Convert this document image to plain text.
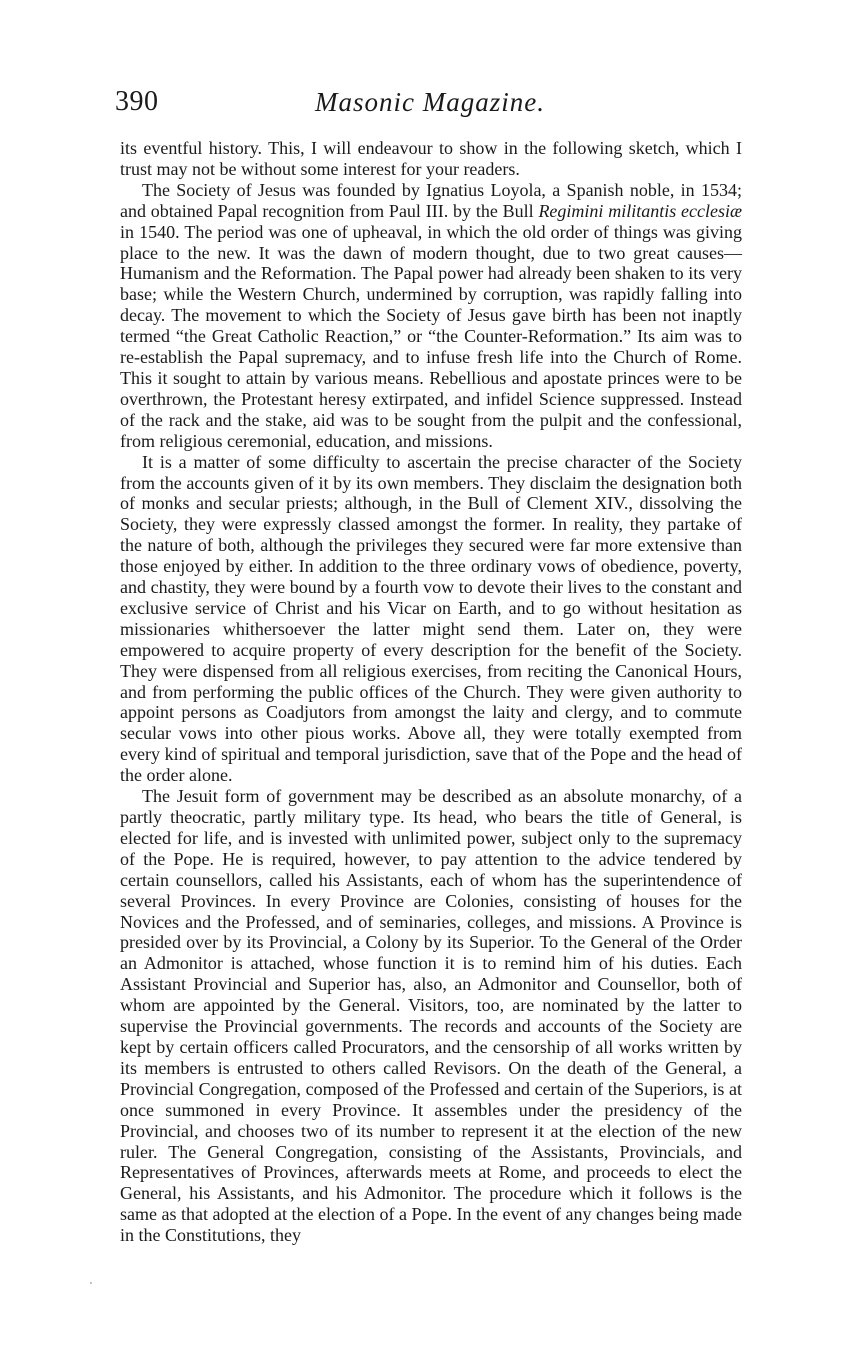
390	Masonic Magazine.

its eventful history. This, I will endeavour to show in the following sketch, which I trust may not be without some interest for your readers.

The Society of Jesus was founded by Ignatius Loyola, a Spanish noble, in 1534; and obtained Papal recognition from Paul III. by the Bull Regimini militantis ecclesiæ in 1540. The period was one of upheaval, in which the old order of things was giving place to the new. It was the dawn of modern thought, due to two great causes—Humanism and the Reformation. The Papal power had already been shaken to its very base; while the Western Church, undermined by corruption, was rapidly falling into decay. The movement to which the Society of Jesus gave birth has been not inaptly termed “the Great Catholic Reaction,” or “the Counter-Reformation.” Its aim was to re-establish the Papal supremacy, and to infuse fresh life into the Church of Rome. This it sought to attain by various means. Rebellious and apostate princes were to be overthrown, the Protestant heresy extirpated, and infidel Science suppressed. Instead of the rack and the stake, aid was to be sought from the pulpit and the confessional, from religious ceremonial, education, and missions.

It is a matter of some difficulty to ascertain the precise character of the Society from the accounts given of it by its own members. They disclaim the designation both of monks and secular priests; although, in the Bull of Clement XIV., dissolving the Society, they were expressly classed amongst the former. In reality, they partake of the nature of both, although the privileges they secured were far more extensive than those enjoyed by either. In addition to the three ordinary vows of obedience, poverty, and chastity, they were bound by a fourth vow to devote their lives to the constant and exclusive service of Christ and his Vicar on Earth, and to go without hesitation as missionaries whithersoever the latter might send them. Later on, they were empowered to acquire property of every description for the benefit of the Society. They were dispensed from all religious exercises, from reciting the Canonical Hours, and from performing the public offices of the Church. They were given authority to appoint persons as Coadjutors from amongst the laity and clergy, and to commute secular vows into other pious works. Above all, they were totally exempted from every kind of spiritual and temporal jurisdiction, save that of the Pope and the head of the order alone.

The Jesuit form of government may be described as an absolute monarchy, of a partly theocratic, partly military type. Its head, who bears the title of General, is elected for life, and is invested with unlimited power, subject only to the supremacy of the Pope. He is required, however, to pay attention to the advice tendered by certain counsellors, called his Assistants, each of whom has the superintendence of several Provinces. In every Province are Colonies, consisting of houses for the Novices and the Professed, and of seminaries, colleges, and missions. A Province is presided over by its Provincial, a Colony by its Superior. To the General of the Order an Admonitor is attached, whose function it is to remind him of his duties. Each Assistant Provincial and Superior has, also, an Admonitor and Counsellor, both of whom are appointed by the General. Visitors, too, are nominated by the latter to supervise the Provincial governments. The records and accounts of the Society are kept by certain officers called Procurators, and the censorship of all works written by its members is entrusted to others called Revisors. On the death of the General, a Provincial Congregation, composed of the Professed and certain of the Superiors, is at once summoned in every Province. It assembles under the presidency of the Provincial, and chooses two of its number to represent it at the election of the new ruler. The General Congregation, consisting of the Assistants, Provincials, and Representatives of Provinces, afterwards meets at Rome, and proceeds to elect the General, his Assistants, and his Admonitor. The procedure which it follows is the same as that adopted at the election of a Pope. In the event of any changes being made in the Constitutions, they
